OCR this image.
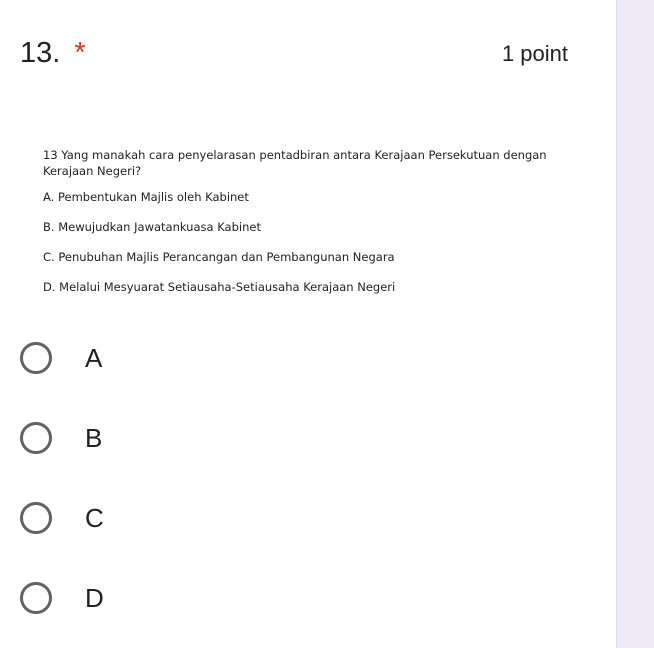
13. *	1 point
13 Yang manakah cara penyelarasan pentadbiran antara Kerajaan Persekutuan dengan Kerajaan Negeri?
A. Pembentukan Majlis oleh Kabinet
B. Mewujudkan Jawatankuasa Kabinet
C. Penubuhan Majlis Perancangan dan Pembangunan Negara
D. Melalui Mesyuarat Setiausaha-Setiausaha Kerajaan Negeri
A
B
C
D
